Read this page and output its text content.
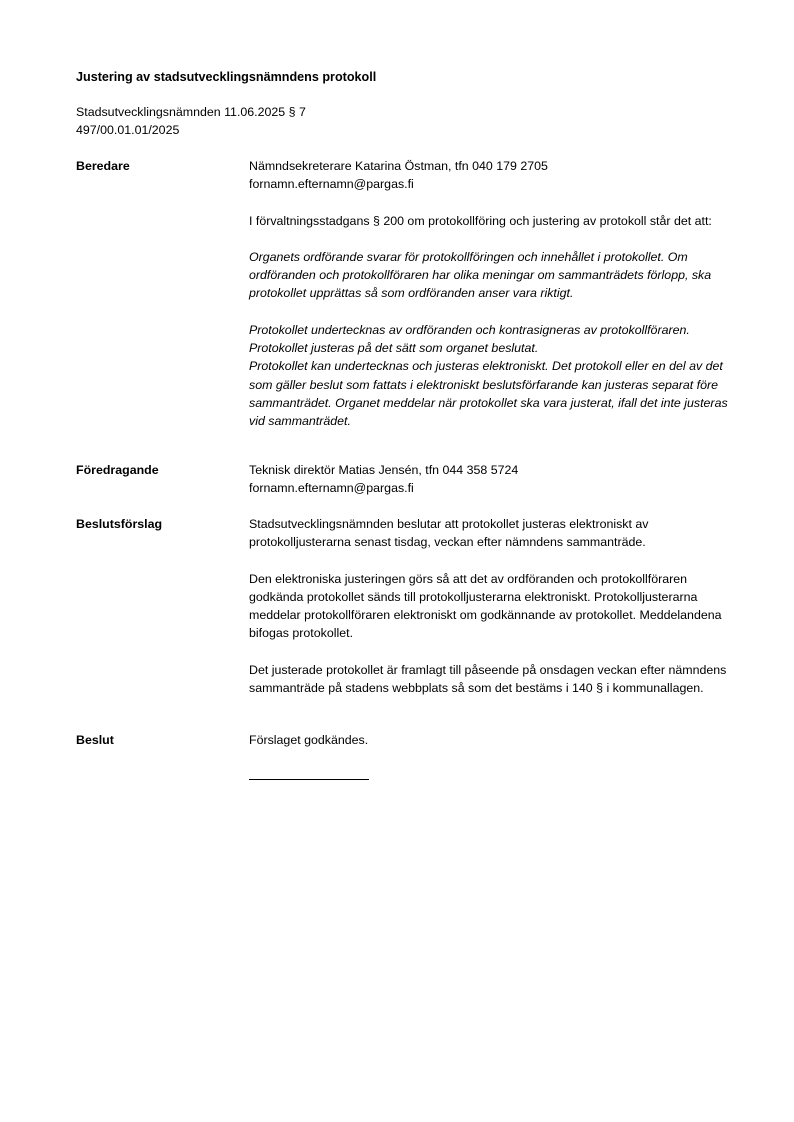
Justering av stadsutvecklingsnämndens protokoll
Stadsutvecklingsnämnden 11.06.2025 § 7
497/00.01.01/2025
Beredare	Nämndsekreterare Katarina Östman, tfn 040 179 2705

fornamn.efternamn@pargas.fi

I förvaltningsstadgans § 200 om protokollföring och justering av protokoll står det att:

Organets ordförande svarar för protokollföringen och innehållet i protokollet. Om ordföranden och protokollföraren har olika meningar om sammanträdets förlopp, ska protokollet upprättas så som ordföranden anser vara riktigt.

Protokollet undertecknas av ordföranden och kontrasigneras av protokollföraren. Protokollet justeras på det sätt som organet beslutat.

Protokollet kan undertecknas och justeras elektroniskt. Det protokoll eller en del av det som gäller beslut som fattats i elektroniskt beslutsförfarande kan justeras separat före sammanträdet. Organet meddelar när protokollet ska vara justerat, ifall det inte justeras vid sammanträdet.

Föredragande	Teknisk direktör Matias Jensén, tfn 044 358 5724

fornamn.efternamn@pargas.fi

Beslutsförslag	Stadsutvecklingsnämnden beslutar att protokollet justeras elektroniskt av protokolljusterarna senast tisdag, veckan efter nämndens sammanträde.

Den elektroniska justeringen görs så att det av ordföranden och protokollföraren godkända protokollet sänds till protokolljusterarna elektroniskt. Protokolljusterarna meddelar protokollföraren elektroniskt om godkännande av protokollet. Meddelandena bifogas protokollet.

Det justerade protokollet är framlagt till påseende på onsdagen veckan efter nämndens sammanträde på stadens webbplats så som det bestäms i 140 § i kommunallagen.

Beslut	Förslaget godkändes.
